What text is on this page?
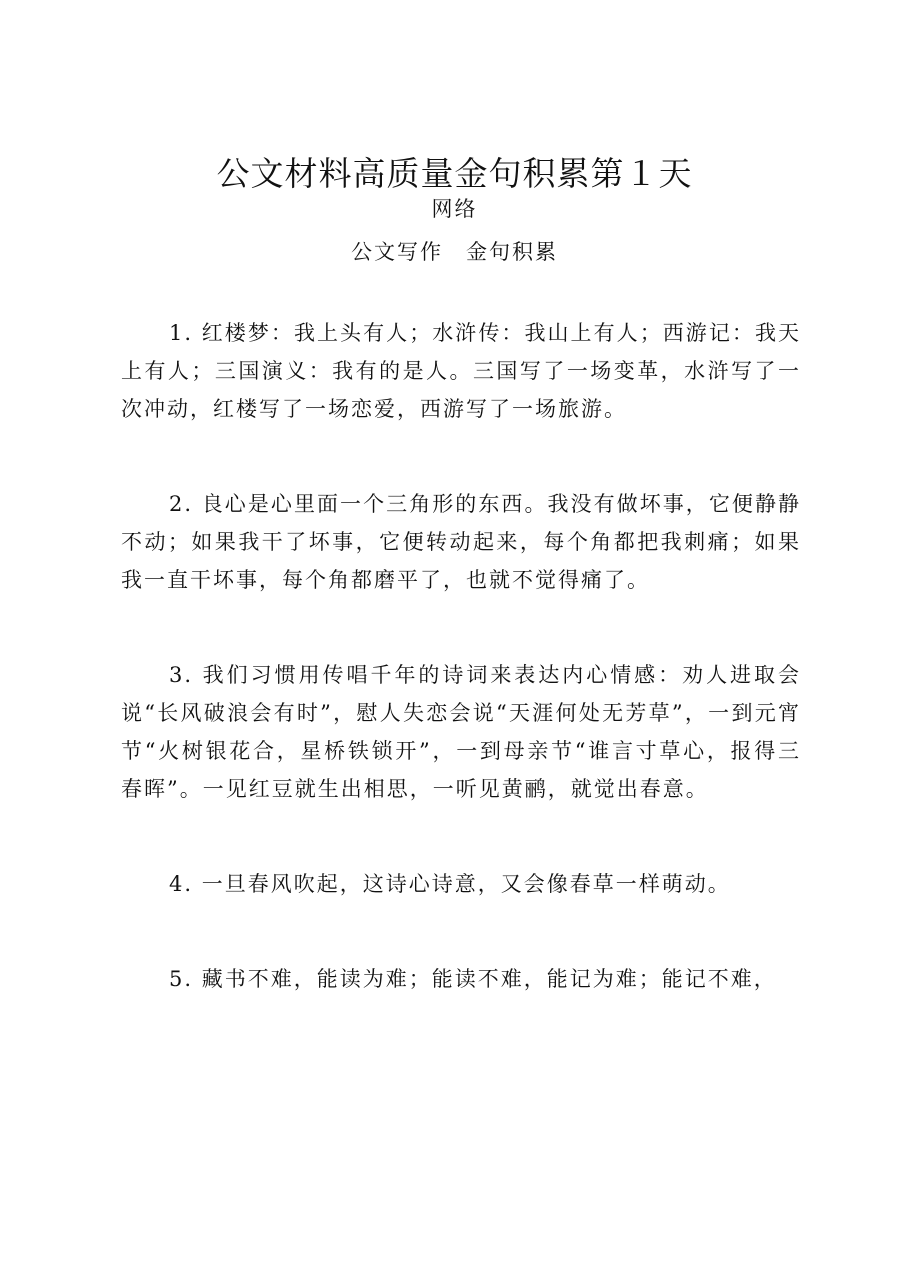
公文材料高质量金句积累第１天
网络
公文写作　金句积累

1. 红楼梦：我上头有人；水浒传：我山上有人；西游记：我天上有人；三国演义：我有的是人。三国写了一场变革，水浒写了一次冲动，红楼写了一场恋爱，西游写了一场旅游。

2. 良心是心里面一个三角形的东西。我没有做坏事，它便静静不动；如果我干了坏事，它便转动起来，每个角都把我刺痛；如果我一直干坏事，每个角都磨平了，也就不觉得痛了。

3. 我们习惯用传唱千年的诗词来表达内心情感：劝人进取会说“长风破浪会有时”，慰人失恋会说“天涯何处无芳草”，一到元宵节“火树银花合，星桥铁锁开”，一到母亲节“谁言寸草心，报得三春晖”。一见红豆就生出相思，一听见黄鹂，就觉出春意。

4. 一旦春风吹起，这诗心诗意，又会像春草一样萌动。

5. 藏书不难，能读为难；能读不难，能记为难；能记不难，
